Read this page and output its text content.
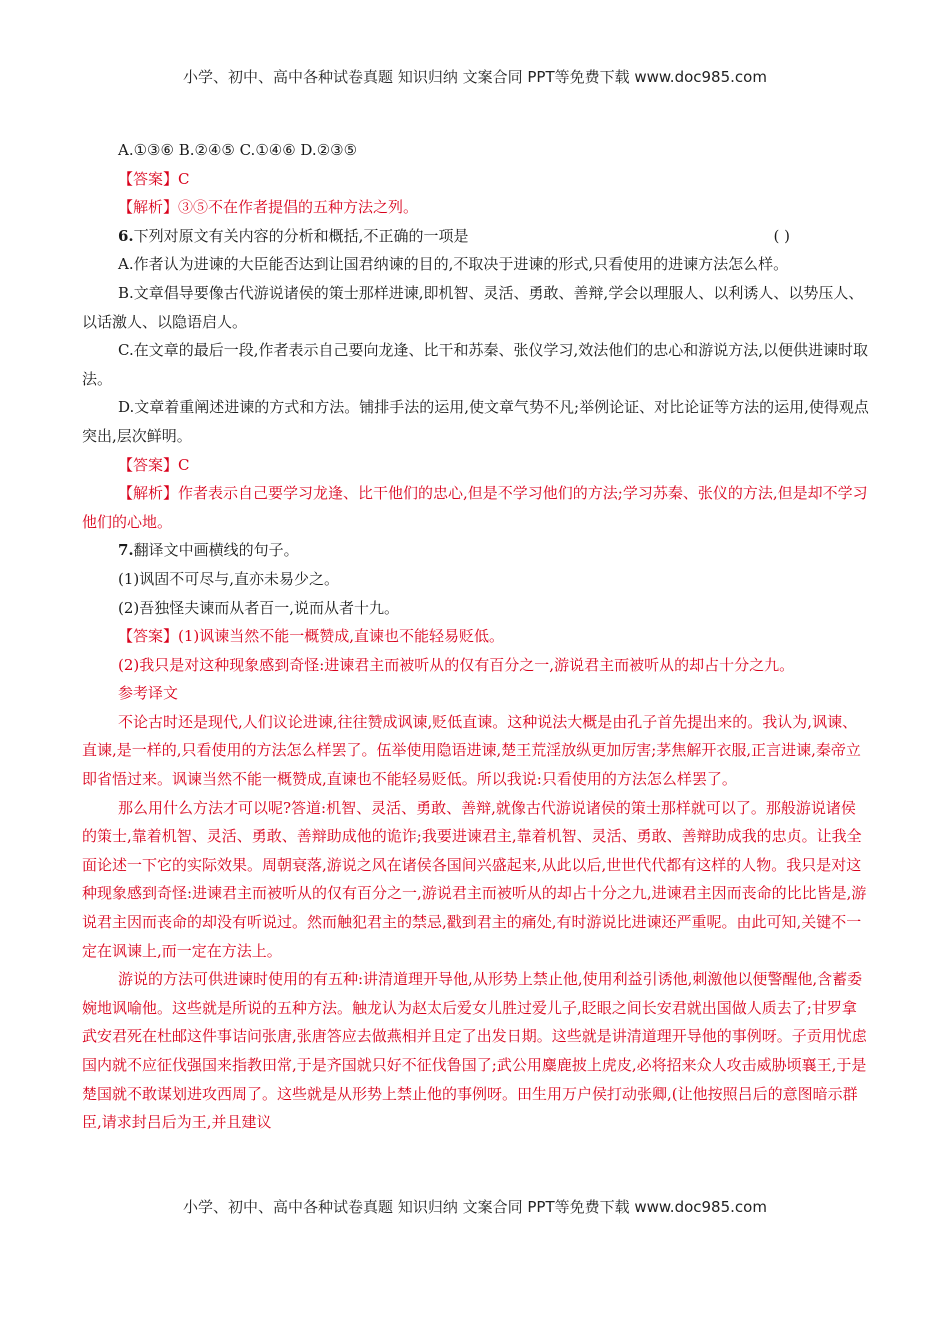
小学、初中、高中各种试卷真题 知识归纳 文案合同 PPT等免费下载 www.doc985.com

A.①③⑥ B.②④⑤ C.①④⑥ D.②③⑤

【答案】C

【解析】③⑤不在作者提倡的五种方法之列。

6.下列对原文有关内容的分析和概括,不正确的一项是	( )

A.作者认为进谏的大臣能否达到让国君纳谏的目的,不取决于进谏的形式,只看使用的进谏方法怎么样。

B.文章倡导要像古代游说诸侯的策士那样进谏,即机智、灵活、勇敢、善辩,学会以理服人、以利诱人、以势压人、以话激人、以隐语启人。

C.在文章的最后一段,作者表示自己要向龙逢、比干和苏秦、张仪学习,效法他们的忠心和游说方法,以便供进谏时取法。

D.文章着重阐述进谏的方式和方法。铺排手法的运用,使文章气势不凡;举例论证、对比论证等方法的运用,使得观点突出,层次鲜明。

【答案】C

【解析】作者表示自己要学习龙逢、比干他们的忠心,但是不学习他们的方法;学习苏秦、张仪的方法,但是却不学习他们的心地。

7.翻译文中画横线的句子。

(1)讽固不可尽与,直亦未易少之。

(2)吾独怪夫谏而从者百一,说而从者十九。

【答案】(1)讽谏当然不能一概赞成,直谏也不能轻易贬低。

(2)我只是对这种现象感到奇怪:进谏君主而被听从的仅有百分之一,游说君主而被听从的却占十分之九。

参考译文

不论古时还是现代,人们议论进谏,往往赞成讽谏,贬低直谏。这种说法大概是由孔子首先提出来的。我认为,讽谏、直谏,是一样的,只看使用的方法怎么样罢了。伍举使用隐语进谏,楚王荒淫放纵更加厉害;茅焦解开衣服,正言进谏,秦帝立即省悟过来。讽谏当然不能一概赞成,直谏也不能轻易贬低。所以我说:只看使用的方法怎么样罢了。

那么用什么方法才可以呢?答道:机智、灵活、勇敢、善辩,就像古代游说诸侯的策士那样就可以了。那般游说诸侯的策士,靠着机智、灵活、勇敢、善辩助成他的诡诈;我要进谏君主,靠着机智、灵活、勇敢、善辩助成我的忠贞。让我全面论述一下它的实际效果。周朝衰落,游说之风在诸侯各国间兴盛起来,从此以后,世世代代都有这样的人物。我只是对这种现象感到奇怪:进谏君主而被听从的仅有百分之一,游说君主而被听从的却占十分之九,进谏君主因而丧命的比比皆是,游说君主因而丧命的却没有听说过。然而触犯君主的禁忌,戳到君主的痛处,有时游说比进谏还严重呢。由此可知,关键不一定在讽谏上,而一定在方法上。

游说的方法可供进谏时使用的有五种:讲清道理开导他,从形势上禁止他,使用利益引诱他,刺激他以便警醒他,含蓄委婉地讽喻他。这些就是所说的五种方法。触龙认为赵太后爱女儿胜过爱儿子,眨眼之间长安君就出国做人质去了;甘罗拿武安君死在杜邮这件事诘问张唐,张唐答应去做燕相并且定了出发日期。这些就是讲清道理开导他的事例呀。子贡用忧虑国内就不应征伐强国来指教田常,于是齐国就只好不征伐鲁国了;武公用麋鹿披上虎皮,必将招来众人攻击威胁顷襄王,于是楚国就不敢谋划进攻西周了。这些就是从形势上禁止他的事例呀。田生用万户侯打动张卿,(让他按照吕后的意图暗示群臣,请求封吕后为王,并且建议

小学、初中、高中各种试卷真题 知识归纳 文案合同 PPT等免费下载 www.doc985.com
